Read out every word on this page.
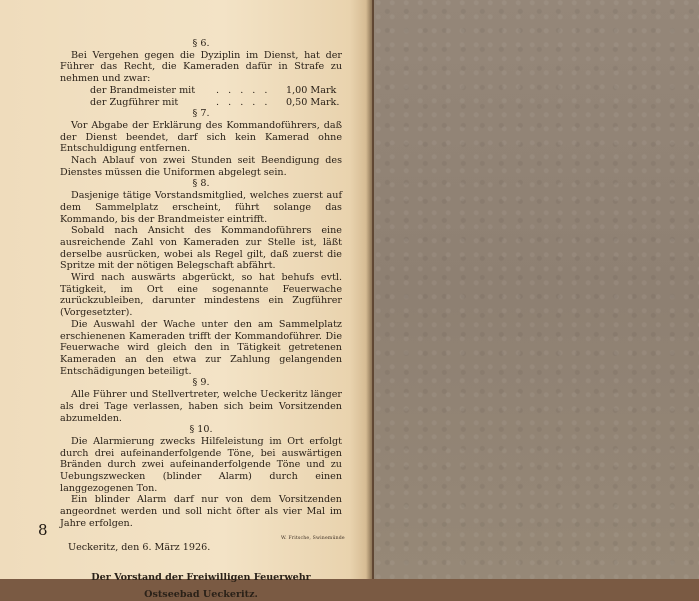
§ 6.

Bei Vergehen gegen die Dyziplin im Dienst, hat der Führer das Recht, die Kameraden dafür in Strafe zu nehmen und zwar:

der Brandmeister mit	. . . . .	1,00 Mark
der Zugführer mit	. . . . .	0,50 Mark.

§ 7.

Vor Abgabe der Erklärung des Kommandoführers, daß der Dienst beendet, darf sich kein Kamerad ohne Entschuldigung entfernen.

Nach Ablauf von zwei Stunden seit Beendigung des Dienstes müssen die Uniformen abgelegt sein.

§ 8.

Dasjenige tätige Vorstandsmitglied, welches zuerst auf dem Sammelplatz erscheint, führt solange das Kommando, bis der Brandmeister eintrifft.

Sobald nach Ansicht des Kommandoführers eine ausreichende Zahl von Kameraden zur Stelle ist, läßt derselbe ausrücken, wobei als Regel gilt, daß zuerst die Spritze mit der nötigen Belegschaft abfährt.

Wird nach auswärts abgerückt, so hat behufs evtl. Tätigkeit, im Ort eine sogenannte Feuerwache zurückzubleiben, darunter mindestens ein Zugführer (Vorgesetzter).

Die Auswahl der Wache unter den am Sammelplatz erschienenen Kameraden trifft der Kommandoführer. Die Feuerwache wird gleich den in Tätigkeit getretenen Kameraden an den etwa zur Zahlung gelangenden Entschädigungen beteiligt.

§ 9.

Alle Führer und Stellvertreter, welche Ueckeritz länger als drei Tage verlassen, haben sich beim Vorsitzenden abzumelden.

§ 10.

Die Alarmierung zwecks Hilfeleistung im Ort erfolgt durch drei aufeinanderfolgende Töne, bei auswärtigen Bränden durch zwei aufeinanderfolgende Töne und zu Uebungszwecken (blinder Alarm) durch einen langgezogenen Ton.

Ein blinder Alarm darf nur von dem Vorsitzenden angeordnet werden und soll nicht öfter als vier Mal im Jahre erfolgen.

Ueckeritz, den 6. März 1926.

Der Vorstand der Freiwilligen Feuerwehr

Ostseebad Ueckeritz.

8	W. Fritsche, Swinemünde
